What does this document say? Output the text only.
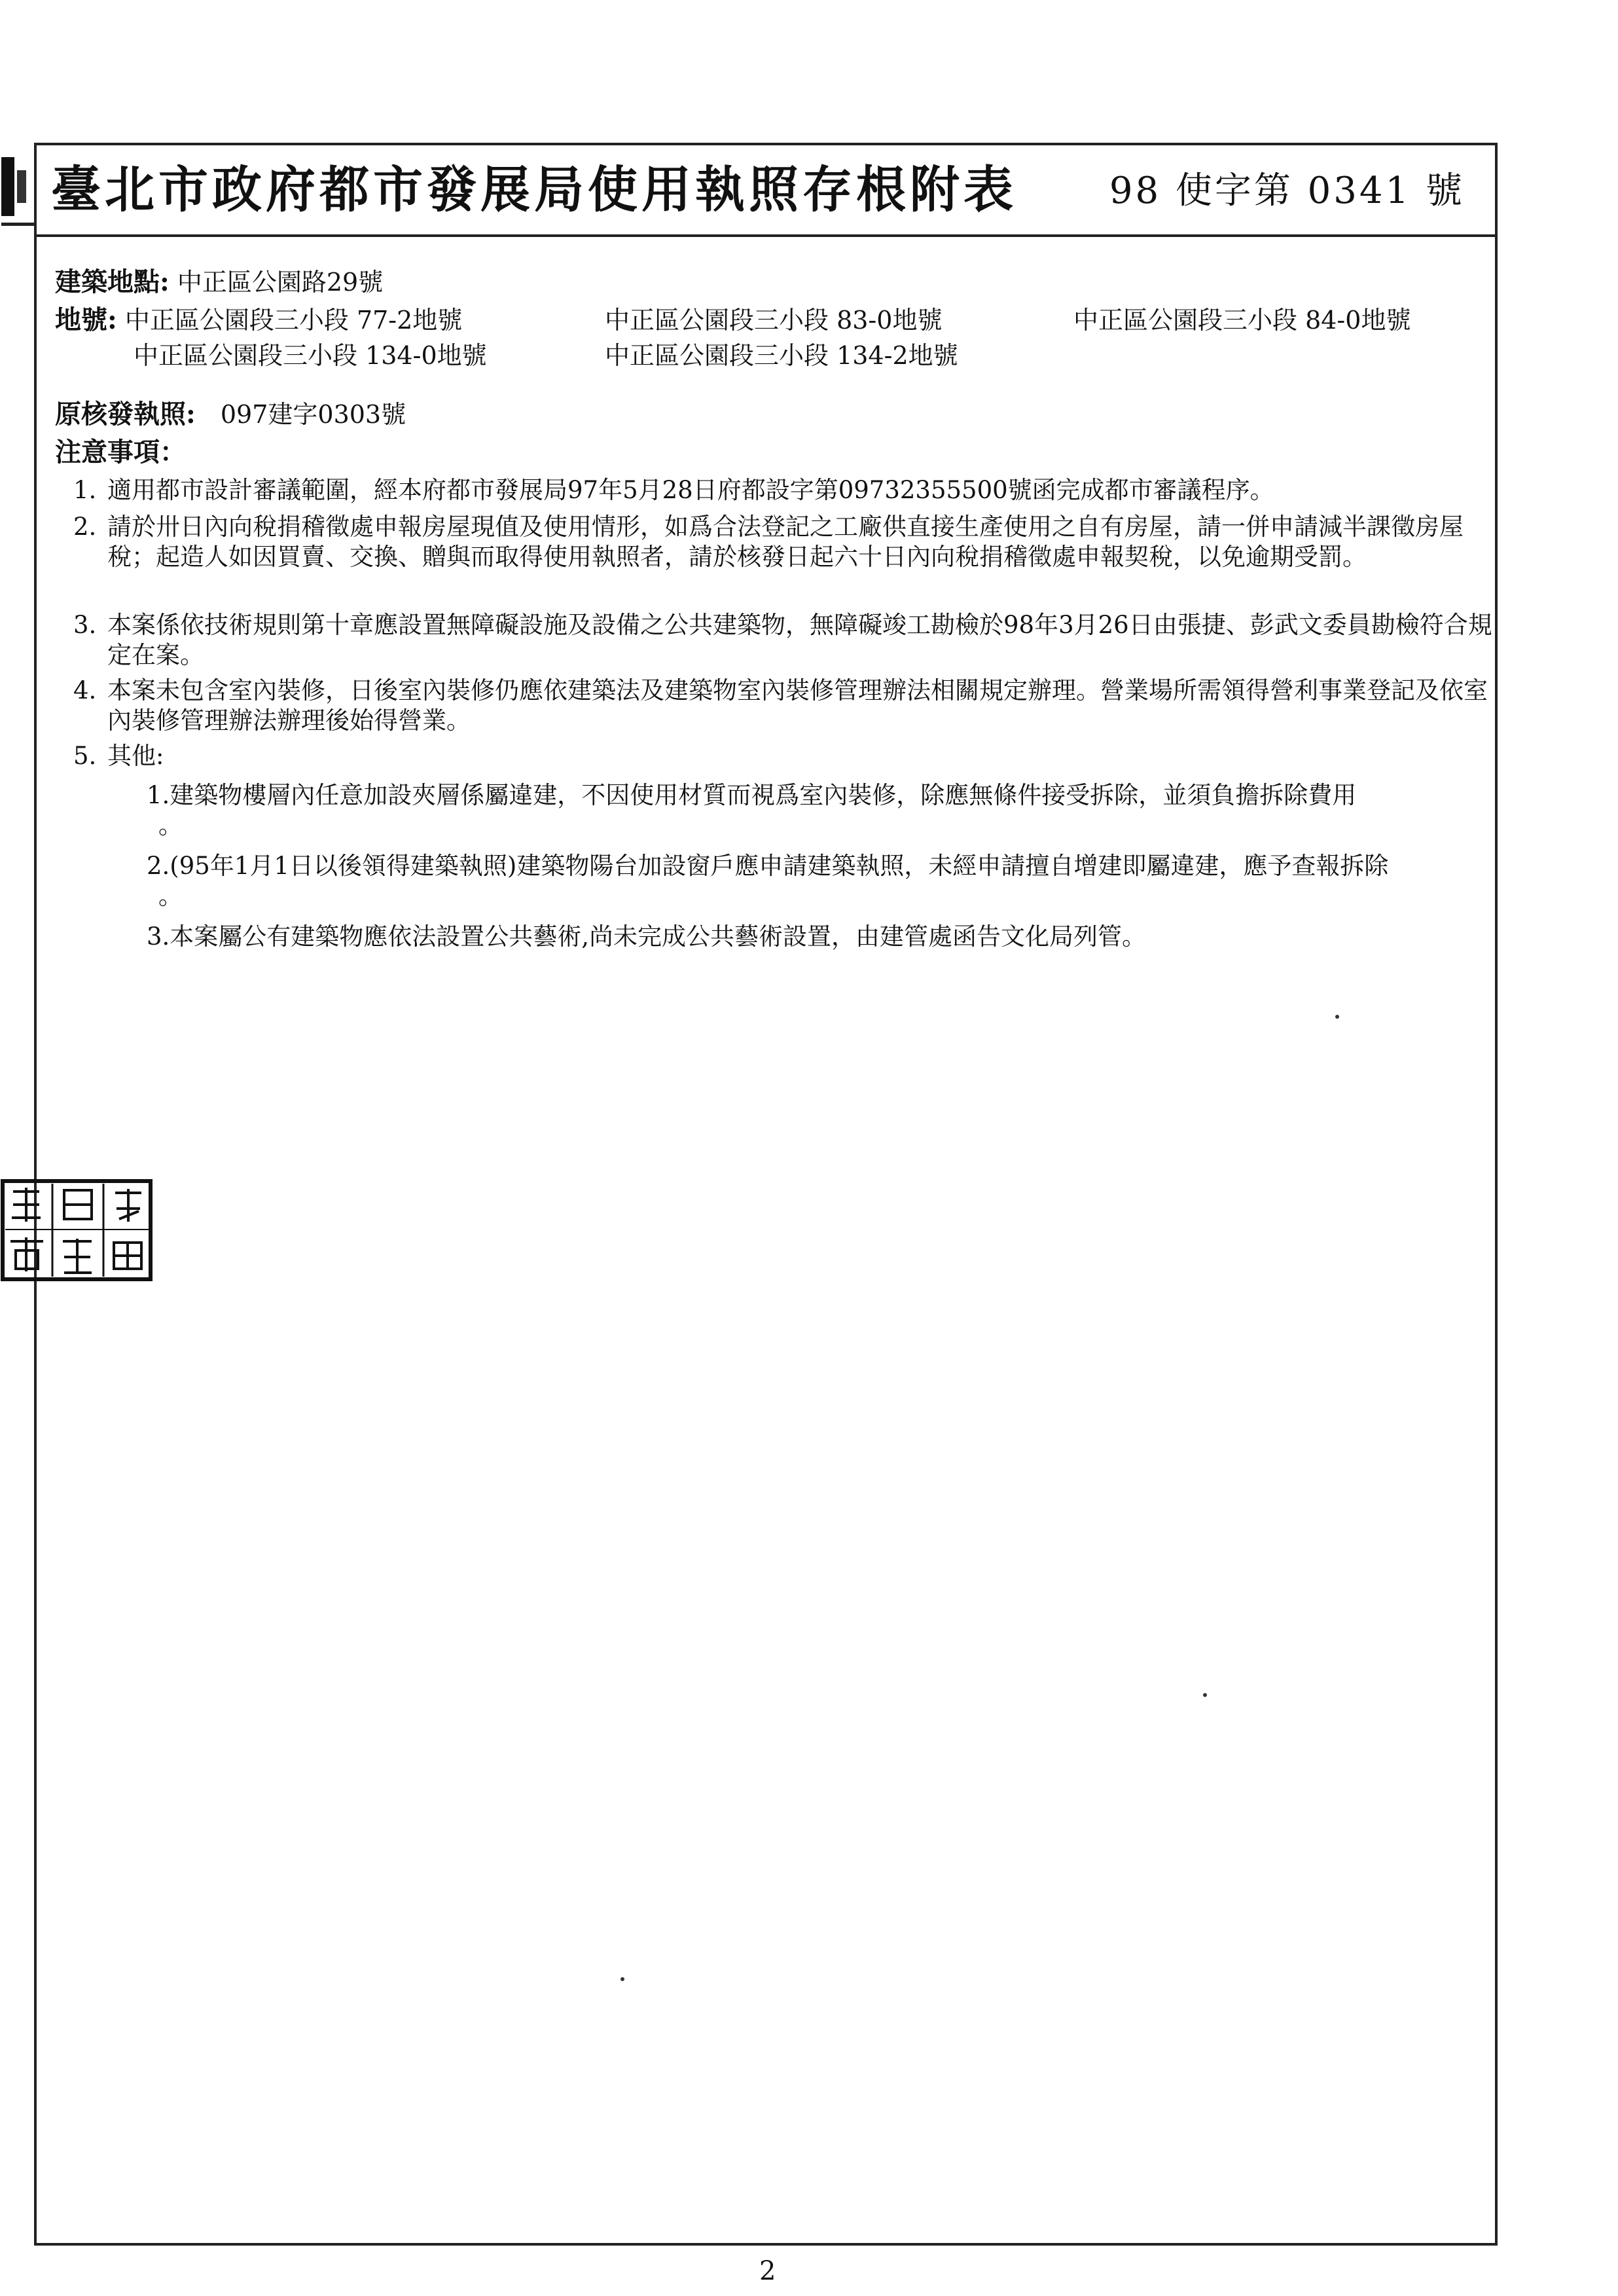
臺北市政府都市發展局使用執照存根附表	98 使字第 0341 號
建築地點: 中正區公園路29號
地號: 中正區公園段三小段 77-2地號	中正區公園段三小段 83-0地號	中正區公園段三小段 84-0地號
中正區公園段三小段 134-0地號	中正區公園段三小段 134-2地號
原核發執照: 097建字0303號
注意事項：
1. 適用都市設計審議範圍，經本府都市發展局97年5月28日府都設字第09732355500號函完成都市審議程序。
2. 請於卅日內向稅捐稽徵處申報房屋現值及使用情形，如爲合法登記之工廠供直接生產使用之自有房屋，請一併申請減半課徵房屋稅；起造人如因買賣、交換、贈與而取得使用執照者，請於核發日起六十日內向稅捐稽徵處申報契稅，以免逾期受罰。
3. 本案係依技術規則第十章應設置無障礙設施及設備之公共建築物，無障礙竣工勘檢於98年3月26日由張捷、彭武文委員勘檢符合規定在案。
4. 本案未包含室內裝修，日後室內裝修仍應依建築法及建築物室內裝修管理辦法相關規定辦理。營業場所需領得營利事業登記及依室內裝修管理辦法辦理後始得營業。
5. 其他:
1.建築物樓層內任意加設夾層係屬違建，不因使用材質而視爲室內裝修，除應無條件接受拆除，並須負擔拆除費用
。
2.(95年1月1日以後領得建築執照)建築物陽台加設窗戶應申請建築執照，未經申請擅自增建即屬違建，應予查報拆除
。
3.本案屬公有建築物應依法設置公共藝術,尚未完成公共藝術設置，由建管處函告文化局列管。
2
